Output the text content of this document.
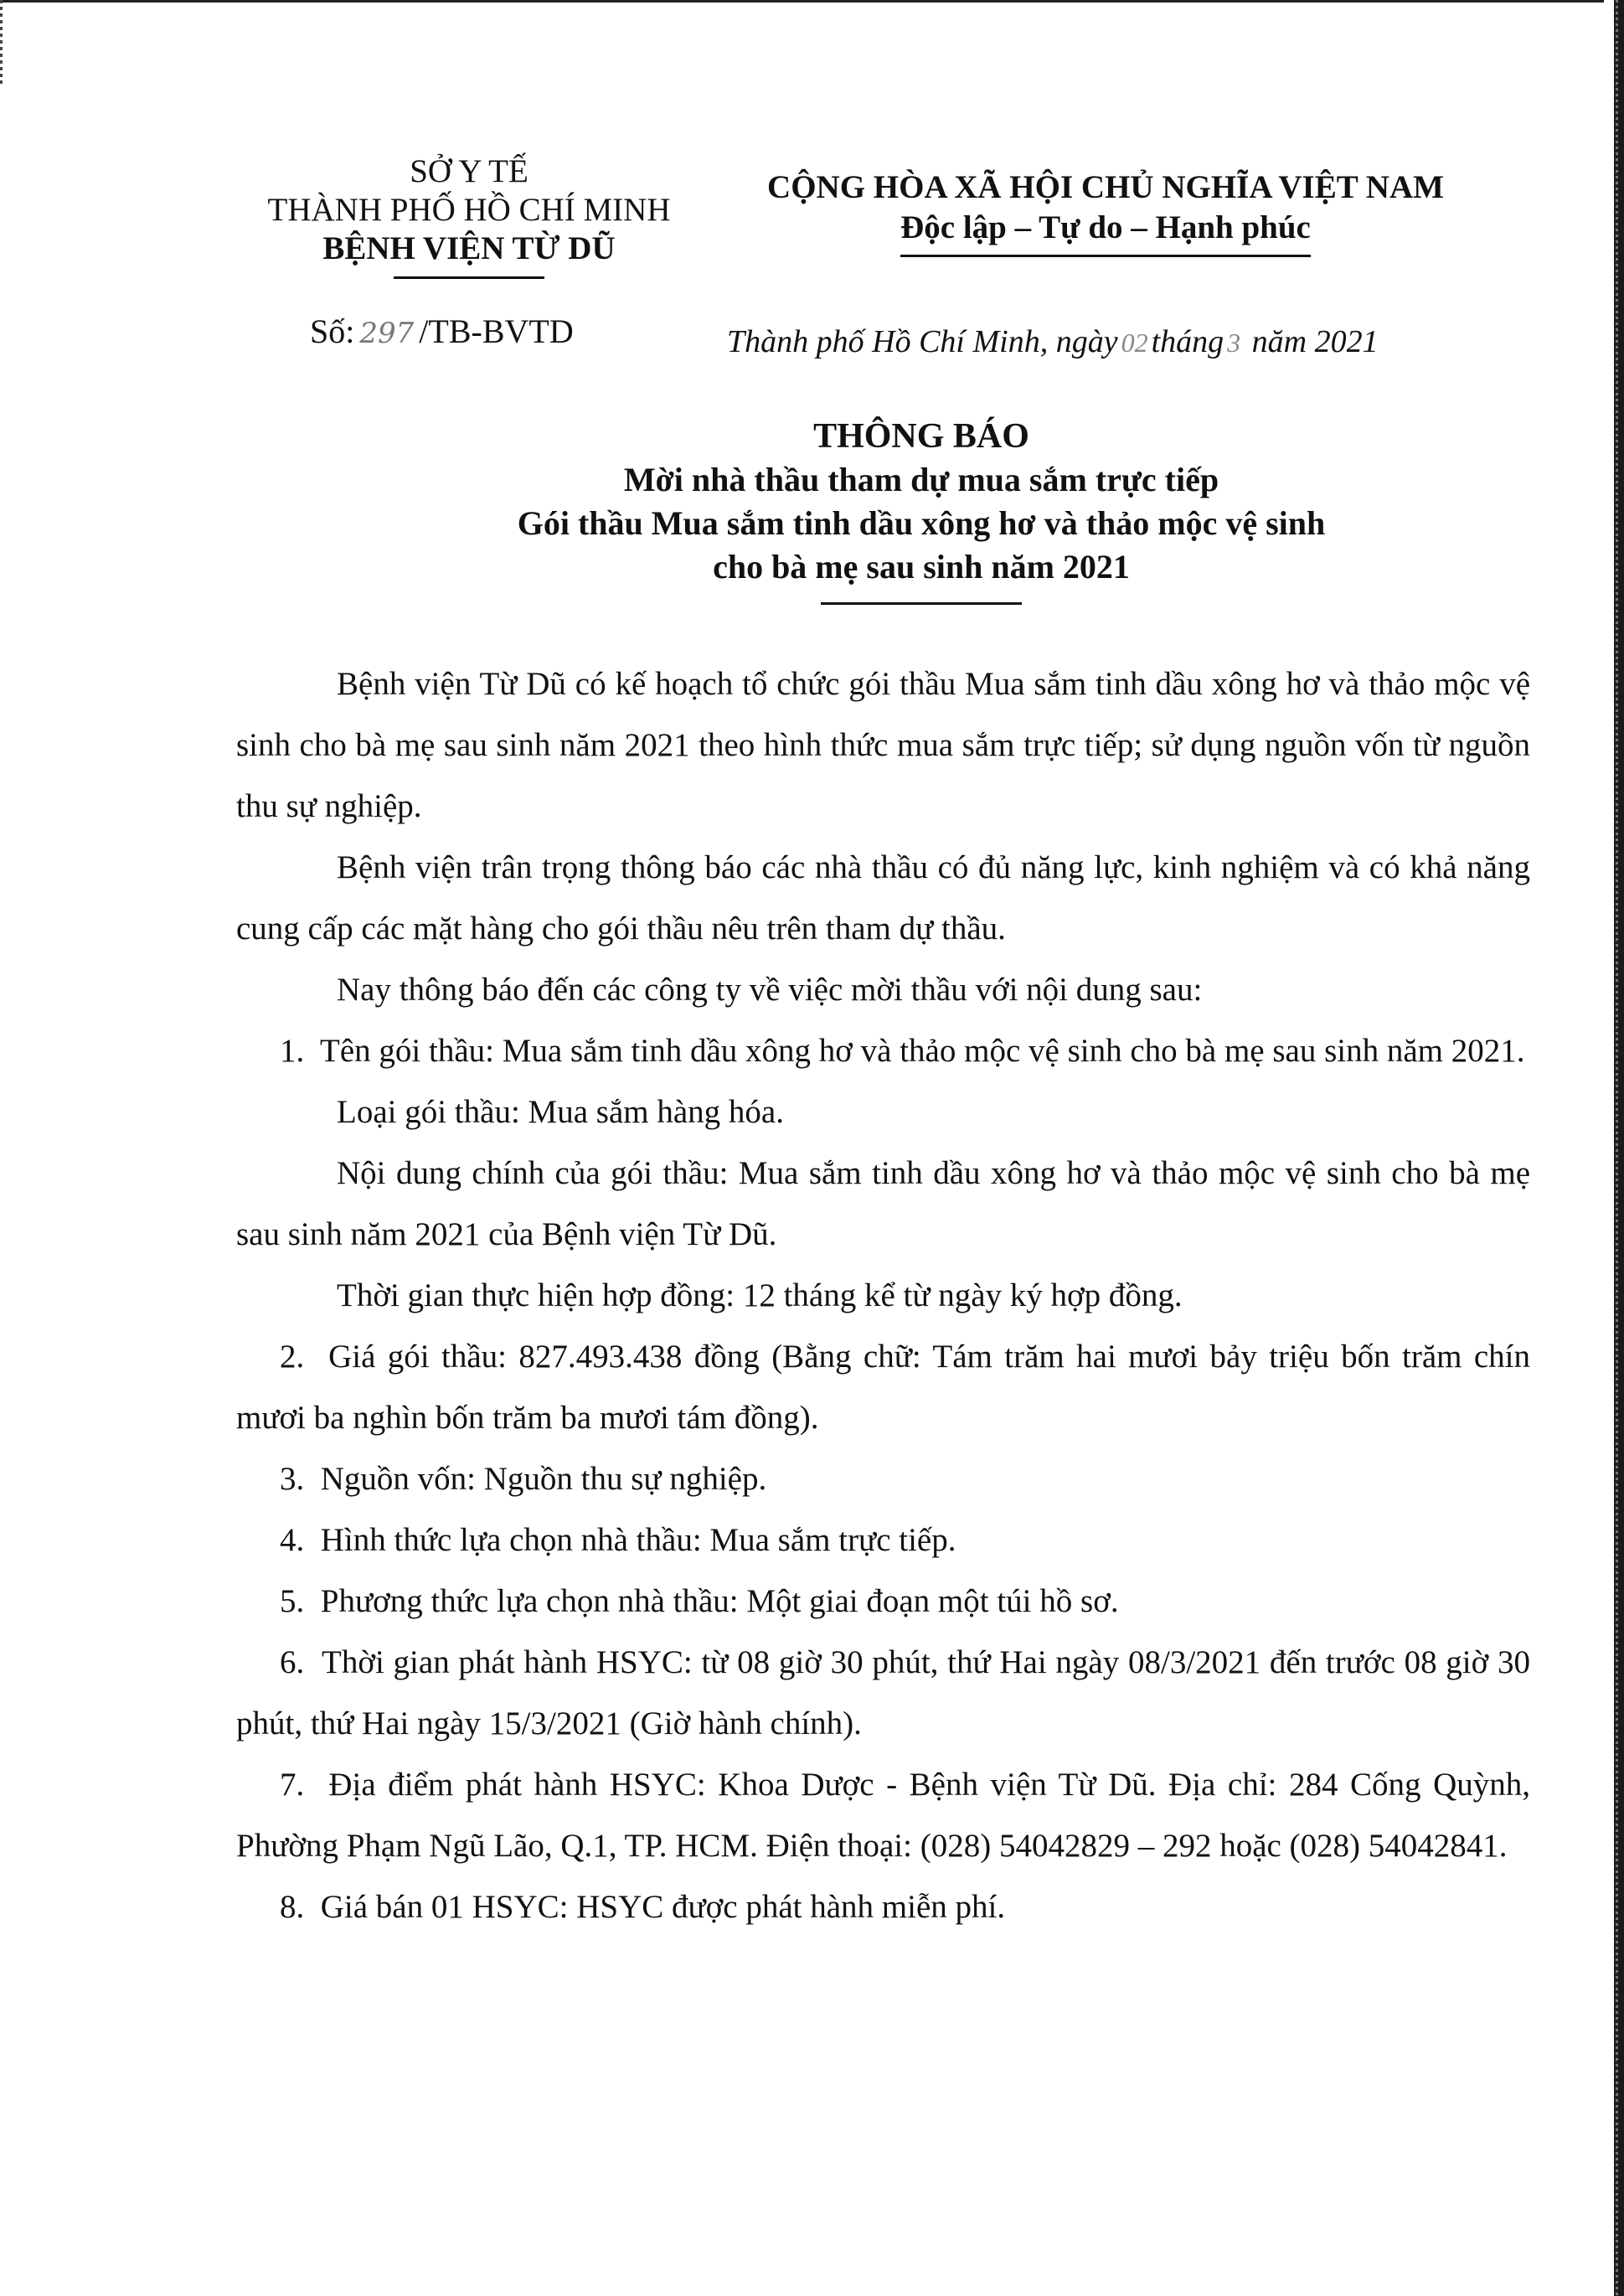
SỞ Y TẾ
THÀNH PHỐ HỒ CHÍ MINH
BỆNH VIỆN TỪ DŨ
CỘNG HÒA XÃ HỘI CHỦ NGHĨA VIỆT NAM
Độc lập – Tự do – Hạnh phúc
Số: 297 /TB-BVTD	Thành phố Hồ Chí Minh, ngày 02 tháng 3 năm 2021
THÔNG BÁO
Mời nhà thầu tham dự mua sắm trực tiếp
Gói thầu Mua sắm tinh dầu xông hơ và thảo mộc vệ sinh
cho bà mẹ sau sinh năm 2021

Bệnh viện Từ Dũ có kế hoạch tổ chức gói thầu Mua sắm tinh dầu xông hơ và thảo mộc vệ sinh cho bà mẹ sau sinh năm 2021 theo hình thức mua sắm trực tiếp; sử dụng nguồn vốn từ nguồn thu sự nghiệp.

Bệnh viện trân trọng thông báo các nhà thầu có đủ năng lực, kinh nghiệm và có khả năng cung cấp các mặt hàng cho gói thầu nêu trên tham dự thầu.

Nay thông báo đến các công ty về việc mời thầu với nội dung sau:

1. Tên gói thầu: Mua sắm tinh dầu xông hơ và thảo mộc vệ sinh cho bà mẹ sau sinh năm 2021.

Loại gói thầu: Mua sắm hàng hóa.

Nội dung chính của gói thầu: Mua sắm tinh dầu xông hơ và thảo mộc vệ sinh cho bà mẹ sau sinh năm 2021 của Bệnh viện Từ Dũ.

Thời gian thực hiện hợp đồng: 12 tháng kể từ ngày ký hợp đồng.

2. Giá gói thầu: 827.493.438 đồng (Bằng chữ: Tám trăm hai mươi bảy triệu bốn trăm chín mươi ba nghìn bốn trăm ba mươi tám đồng).

3. Nguồn vốn: Nguồn thu sự nghiệp.

4. Hình thức lựa chọn nhà thầu: Mua sắm trực tiếp.

5. Phương thức lựa chọn nhà thầu: Một giai đoạn một túi hồ sơ.

6. Thời gian phát hành HSYC: từ 08 giờ 30 phút, thứ Hai ngày 08/3/2021 đến trước 08 giờ 30 phút, thứ Hai ngày 15/3/2021 (Giờ hành chính).

7. Địa điểm phát hành HSYC: Khoa Dược - Bệnh viện Từ Dũ. Địa chỉ: 284 Cống Quỳnh, Phường Phạm Ngũ Lão, Q.1, TP. HCM. Điện thoại: (028) 54042829 – 292 hoặc (028) 54042841.

8. Giá bán 01 HSYC: HSYC được phát hành miễn phí.
